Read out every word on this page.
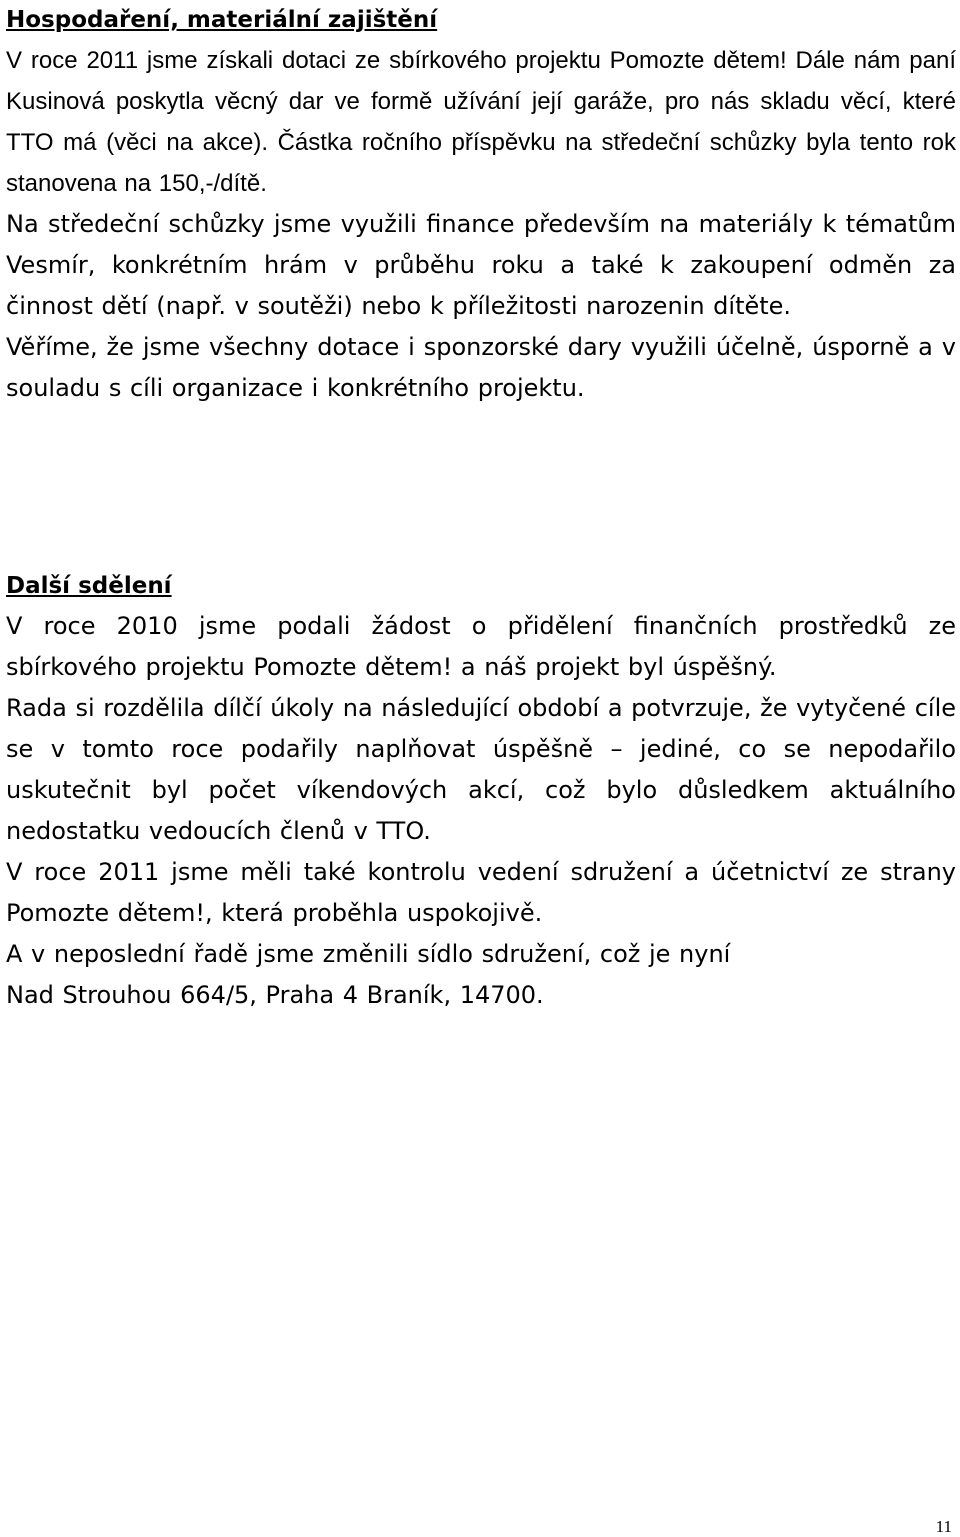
Hospodaření, materiální zajištění

V roce 2011 jsme získali dotaci ze sbírkového projektu Pomozte dětem! Dále nám paní Kusinová poskytla věcný dar ve formě užívání její garáže, pro nás skladu věcí, které TTO má (věci na akce). Částka ročního příspěvku na středeční schůzky byla tento rok stanovena na 150,-/dítě.

Na středeční schůzky jsme využili finance především na materiály k tématům Vesmír, konkrétním hrám v průběhu roku a také k zakoupení odměn za činnost dětí (např. v soutěži) nebo k příležitosti narozenin dítěte.

Věříme, že jsme všechny dotace i sponzorské dary využili účelně, úsporně a v souladu s cíli organizace i konkrétního projektu.

Další sdělení

V roce 2010 jsme podali žádost o přidělení finančních prostředků ze sbírkového projektu Pomozte dětem! a náš projekt byl úspěšný.

Rada si rozdělila dílčí úkoly na následující období a potvrzuje, že vytyčené cíle se v tomto roce podařily naplňovat úspěšně – jediné, co se nepodařilo uskutečnit byl počet víkendových akcí, což bylo důsledkem aktuálního nedostatku vedoucích členů v TTO.

V roce 2011 jsme měli také kontrolu vedení sdružení a účetnictví ze strany Pomozte dětem!, která proběhla uspokojivě.

A v neposlední řadě jsme změnili sídlo sdružení, což je nyní

Nad Strouhou 664/5, Praha 4 Braník, 14700.

11
